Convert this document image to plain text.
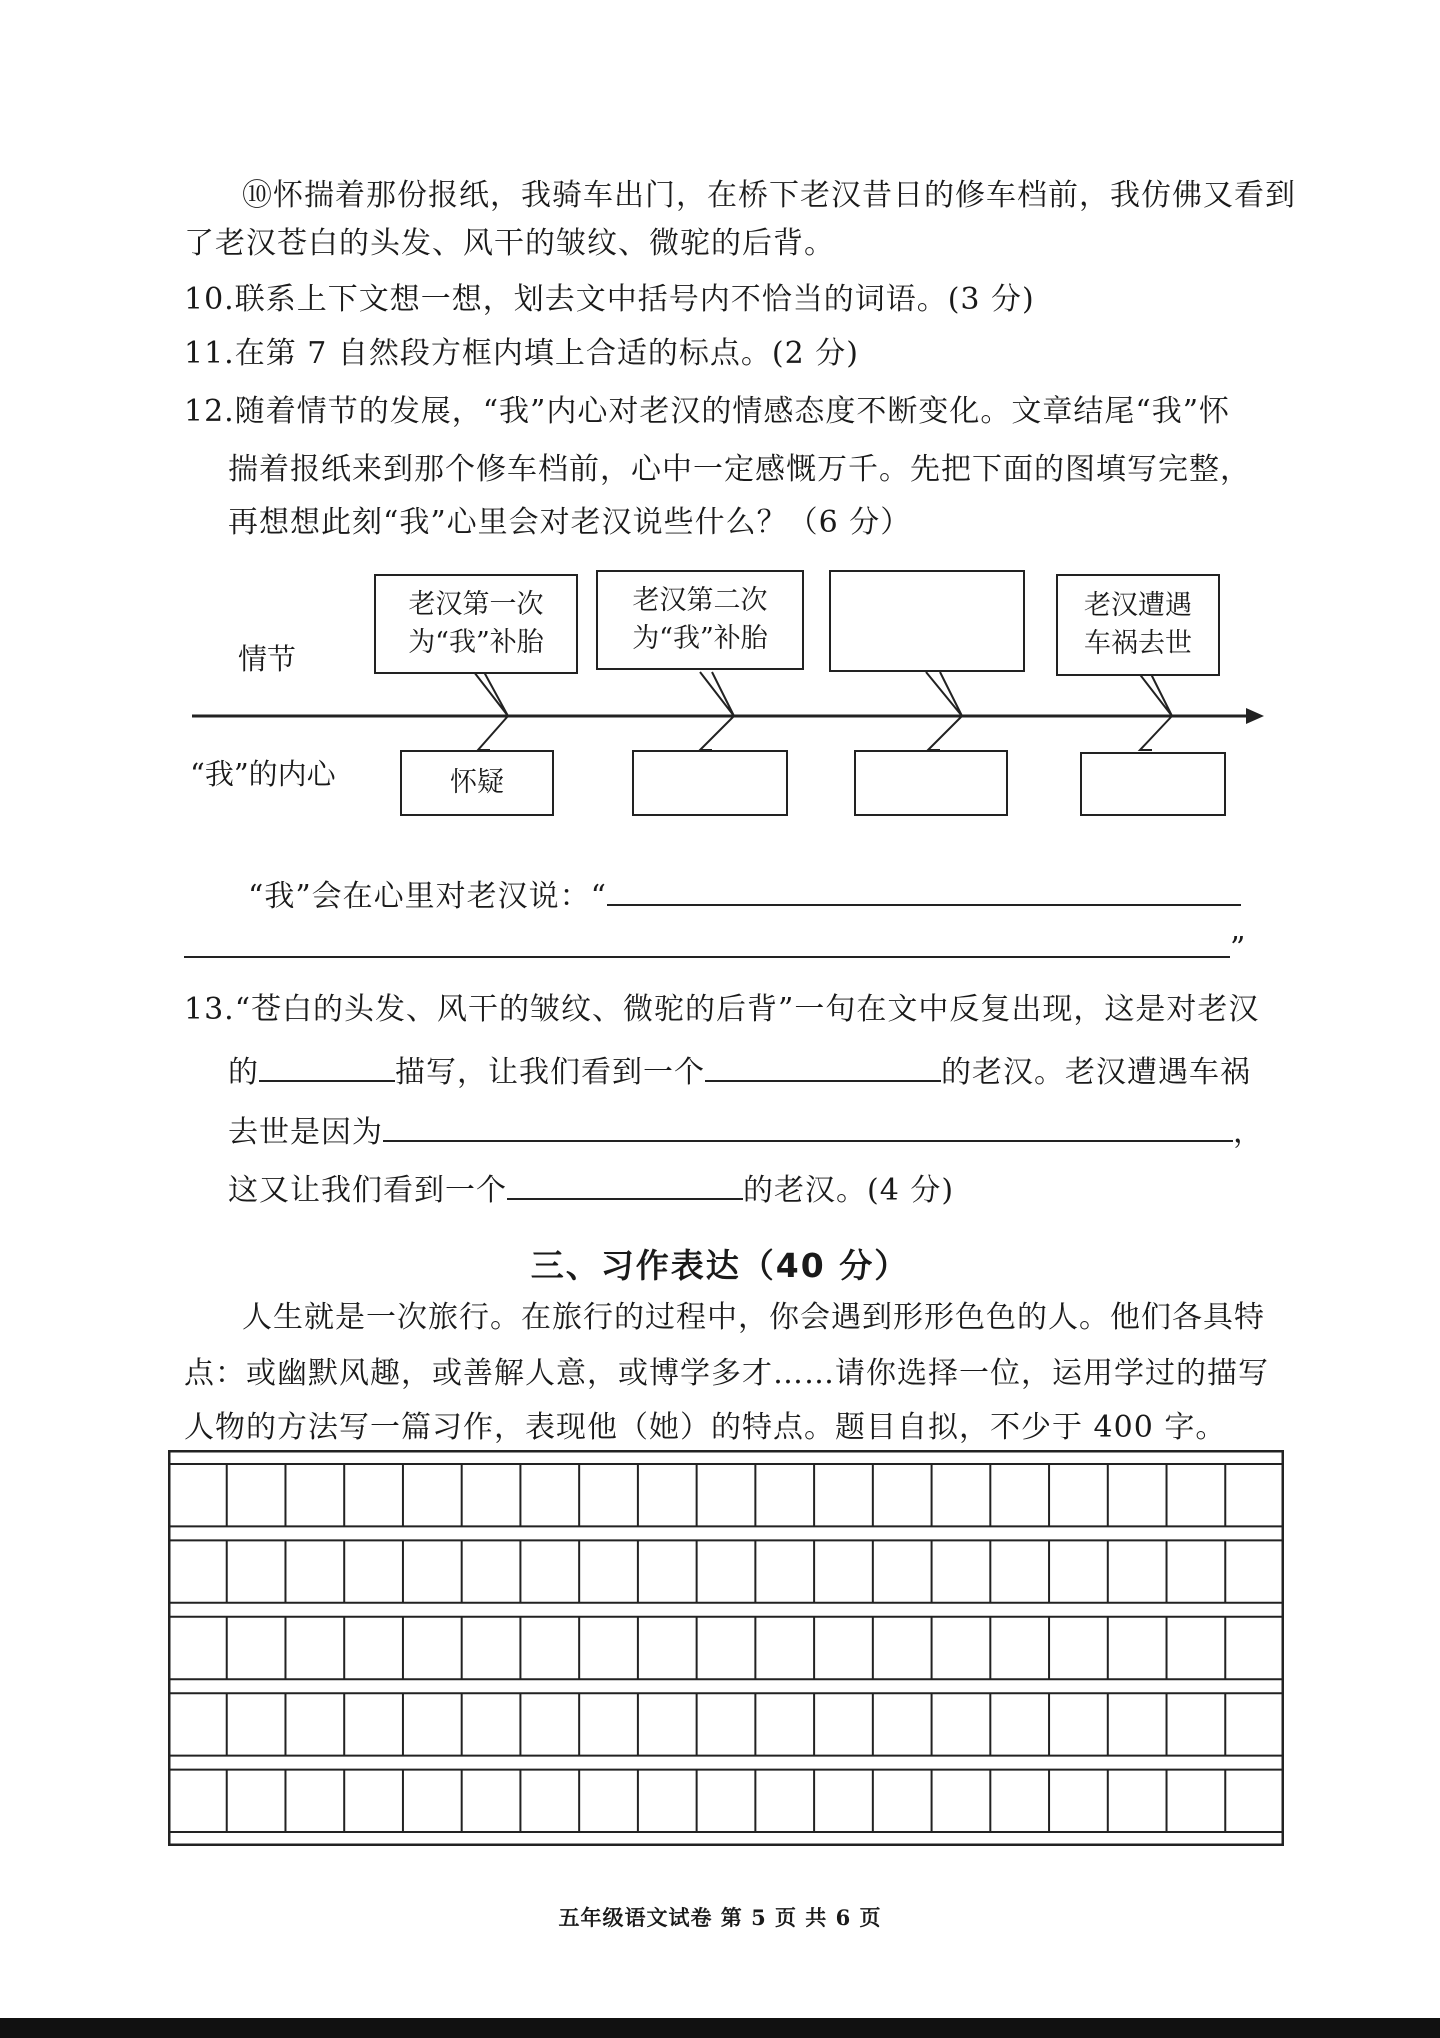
⑩怀揣着那份报纸，我骑车出门，在桥下老汉昔日的修车档前，我仿佛又看到
了老汉苍白的头发、风干的皱纹、微驼的后背。
10.联系上下文想一想，划去文中括号内不恰当的词语。(3 分)
11.在第 7 自然段方框内填上合适的标点。(2 分)
12.随着情节的发展，“我”内心对老汉的情感态度不断变化。文章结尾“我”怀
揣着报纸来到那个修车档前，心中一定感慨万千。先把下面的图填写完整，
再想想此刻“我”心里会对老汉说些什么？（6 分）
情节
“我”的内心
老汉第一次
为“我”补胎
老汉第二次
为“我”补胎
老汉遭遇
车祸去世
怀疑
“我”会在心里对老汉说：“
”
13.“苍白的头发、风干的皱纹、微驼的后背”一句在文中反复出现，这是对老汉
的	描写，让我们看到一个	的老汉。老汉遭遇车祸
去世是因为	，
这又让我们看到一个	的老汉。(4 分)
三、习作表达（40 分）
人生就是一次旅行。在旅行的过程中，你会遇到形形色色的人。他们各具特
点：或幽默风趣，或善解人意，或博学多才……请你选择一位，运用学过的描写
人物的方法写一篇习作，表现他（她）的特点。题目自拟，不少于 400 字。
五年级语文试卷 第 5 页 共 6 页
